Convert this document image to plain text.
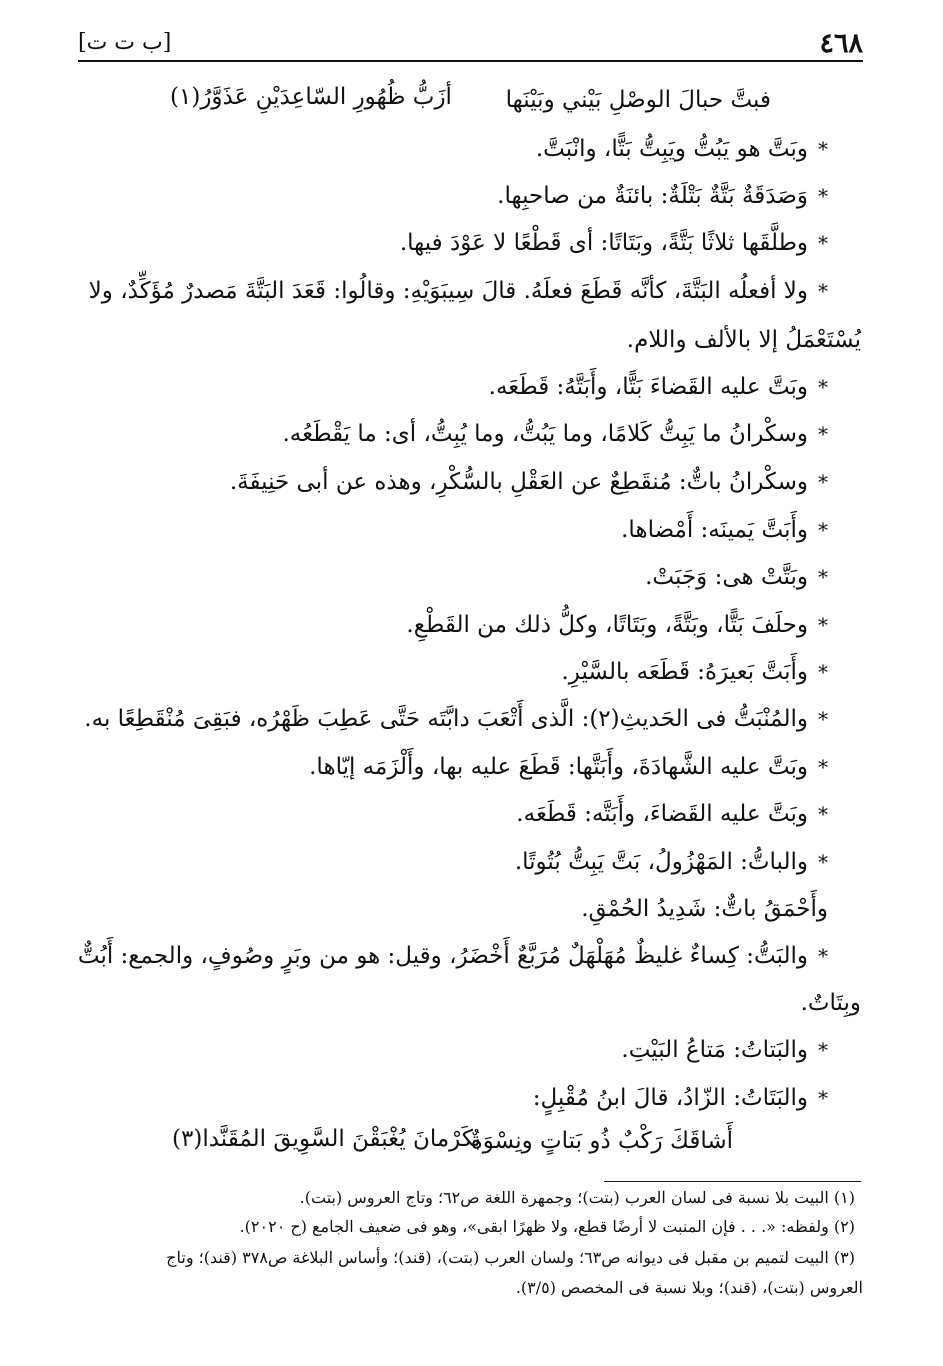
٤٦٨
[ب ت ت]
فبتَّ حبالَ الوصْلِ بَيْني وبَيْنَها
أزَبُّ ظُهُورِ السّاعِدَيْنِ عَذَوَّرُ(١)
*وبَتَّ هو يَبُتُّ ويَبِتُّ بَتًّا، وانْبَتَّ.
*وَصَدَقَةٌ بَتَّةٌ بَتْلَةٌ: بائنَةٌ من صاحبِها.
*وطلَّقَها ثلاثًا بَتَّةً، وبَتَاتًا: أى قَطْعًا لا عَوْدَ فيها.
*ولا أفعلُه البَتَّةَ، كأنَّه قَطَعَ فعلَهُ. قالَ سِيبَوَيْهِ: وقالُوا: قَعَدَ البَتَّةَ مَصدرٌ مُؤَكِّدٌ، ولا
يُسْتَعْمَلُ إلا بالألف واللام.
*وبَتَّ عليه القَضاءَ بَتًّا، وأَبَتَّهُ: قَطَعَه.
*وسكْرانُ ما يَبِتُّ كَلامًا، وما يَبُتُّ، وما يُبِتُّ، أى: ما يَقْطَعُه.
*وسكْرانُ باتٌّ: مُنقَطِعٌ عن العَقْلِ بالسُّكْرِ، وهذه عن أبى حَنِيفَةَ.
*وأَبَتَّ يَمينَه: أَمْضاها.
*وبَتَّتْ هى: وَجَبَتْ.
*وحلَفَ بَتًّا، وبَتَّةً، وبَتَاتًا، وكلُّ ذلك من القَطْعِ.
*وأَبَتَّ بَعيرَهُ: قَطَعَه بالسَّيْرِ.
*والمُنْبَتُّ فى الحَديثِ(٢): الَّذى أَتْعَبَ دابَّتَه حَتَّى عَطِبَ ظَهْرُه، فبَقِىَ مُنْقَطِعًا به.
*وبَتَّ عليه الشَّهادَةَ، وأَبَتَّها: قَطَعَ عليه بها، وأَلْزَمَه إيّاها.
*وبَتَّ عليه القَضاءَ، وأَبَتَّه: قَطَعَه.
*والباتُّ: المَهْزُولُ، بَتَّ يَبِتُّ بُتُوتًا.
وأَحْمَقُ باتٌّ: شَدِيدُ الحُمْقِ.
*والبَتُّ: كِساءٌ غليظٌ مُهَلْهَلٌ مُرَبَّعٌ أَخْضَرُ، وقيل: هو من وبَرٍ وصُوفٍ، والجمع: أَبُتٌّ
وبِتَاتٌ.
*والبَتاتُ: مَتاعُ البَيْتِ.
*والبَتَاتُ: الزّادُ، قالَ ابنُ مُقْبِلٍ:
أَشاقَكَ رَكْبٌ ذُو بَتاتٍ ونِسْوَةٌ
بكَرْمانَ يُغْبَقْنَ السَّوِيقَ المُقَنَّدا(٣)
(١) البيت بلا نسبة فى لسان العرب (بتت)؛ وجمهرة اللغة ص٦٢؛ وتاج العروس (بتت).
(٢) ولفظه: «. . . فإن المنبت لا أرضًا قطع، ولا ظهرًا ابقى»، وهو فى ضعيف الجامع (ح ٢٠٢٠).
(٣) البيت لتميم بن مقبل فى ديوانه ص٦٣؛ ولسان العرب (بتت)، (قند)؛ وأساس البلاغة ص٣٧٨ (قند)؛ وتاج
العروس (بتت)، (قند)؛ وبلا نسبة فى المخصص (٣/٥).
